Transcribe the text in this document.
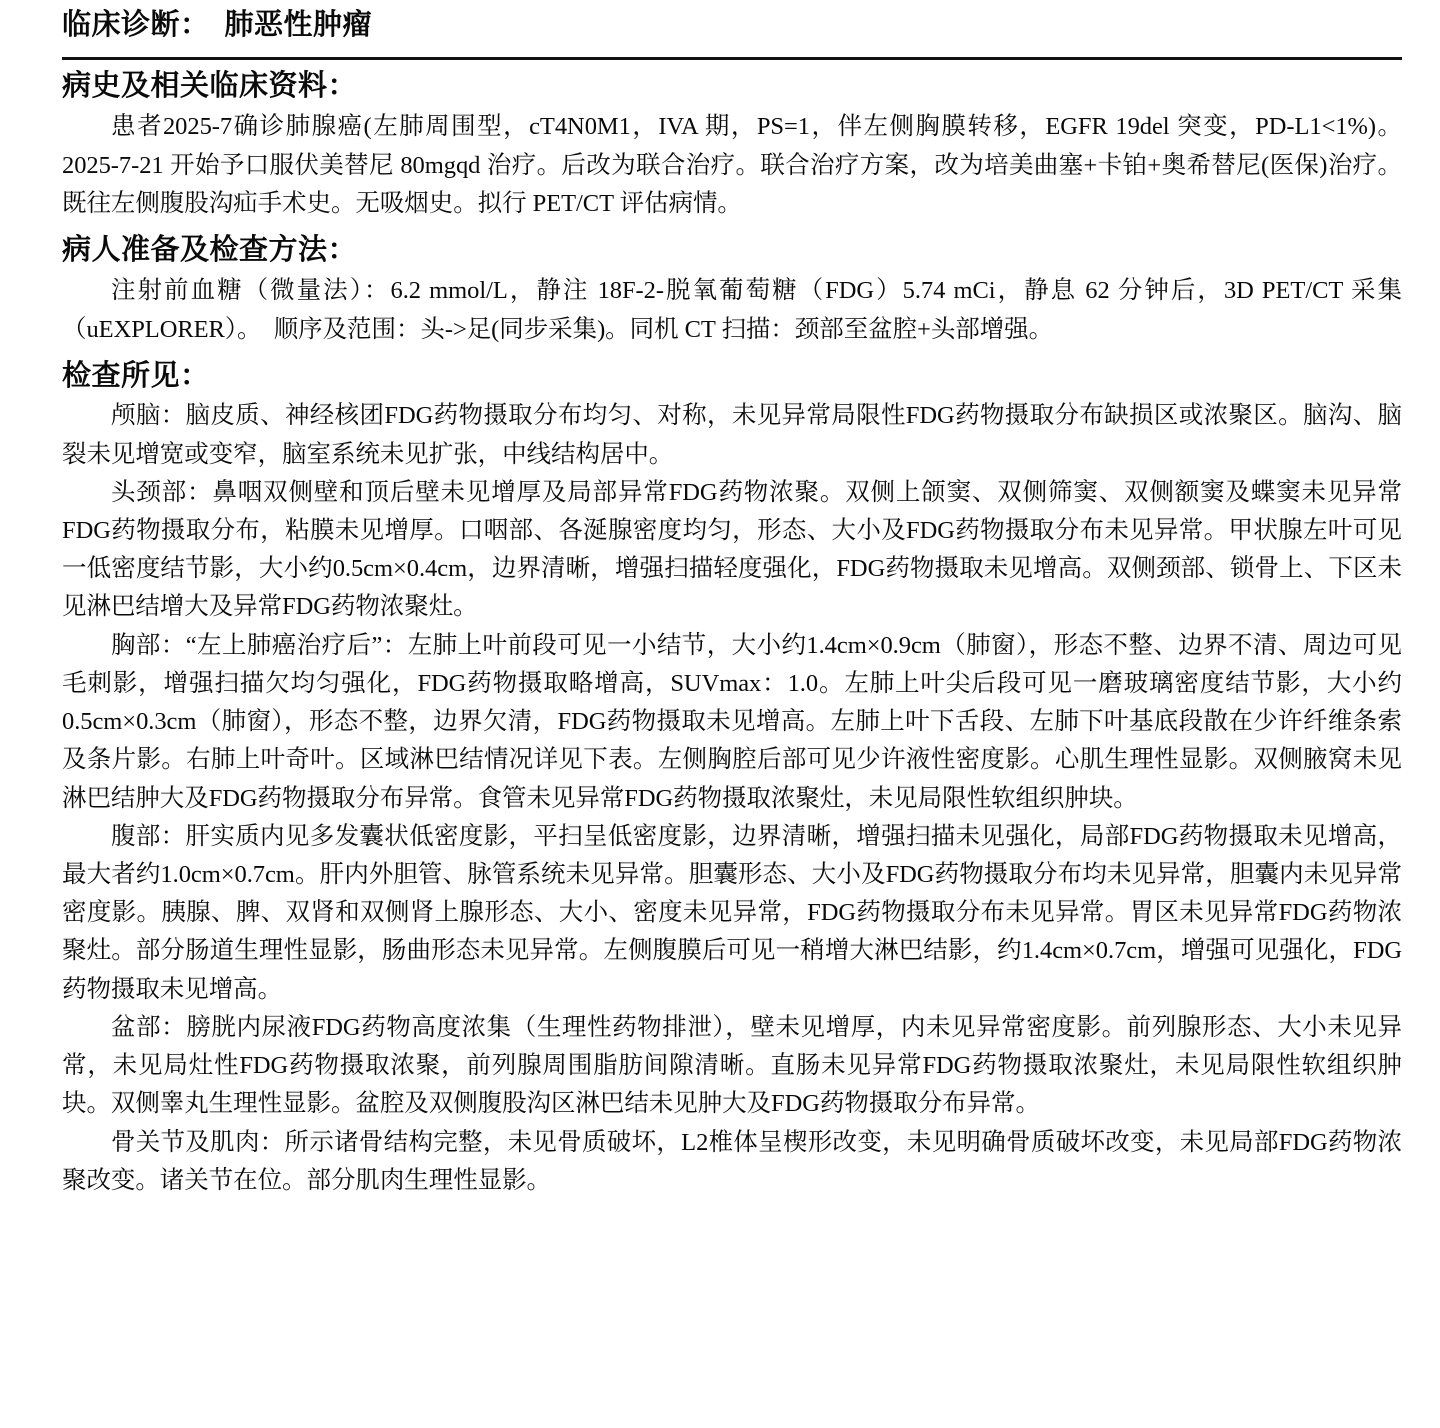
临床诊断：　肺恶性肿瘤
病史及相关临床资料：

患者2025-7确诊肺腺癌(左肺周围型，cT4N0M1，IVA 期，PS=1，伴左侧胸膜转移，EGFR 19del 突变，PD-L1<1%)。2025-7-21 开始予口服伏美替尼 80mgqd 治疗。后改为联合治疗。联合治疗方案，改为培美曲塞+卡铂+奥希替尼(医保)治疗。既往左侧腹股沟疝手术史。无吸烟史。拟行 PET/CT 评估病情。

病人准备及检查方法：

注射前血糖（微量法）：6.2 mmol/L，静注 18F-2-脱氧葡萄糖（FDG）5.74 mCi，静息 62 分钟后，3D PET/CT 采集（uEXPLORER）。　顺序及范围：头->足(同步采集)。同机 CT 扫描：颈部至盆腔+头部增强。

检查所见：

颅脑：脑皮质、神经核团FDG药物摄取分布均匀、对称，未见异常局限性FDG药物摄取分布缺损区或浓聚区。脑沟、脑裂未见增宽或变窄，脑室系统未见扩张，中线结构居中。

头颈部：鼻咽双侧壁和顶后壁未见增厚及局部异常FDG药物浓聚。双侧上颌窦、双侧筛窦、双侧额窦及蝶窦未见异常FDG药物摄取分布，粘膜未见增厚。口咽部、各涎腺密度均匀，形态、大小及FDG药物摄取分布未见异常。甲状腺左叶可见一低密度结节影，大小约0.5cm×0.4cm，边界清晰，增强扫描轻度强化，FDG药物摄取未见增高。双侧颈部、锁骨上、下区未见淋巴结增大及异常FDG药物浓聚灶。

胸部：“左上肺癌治疗后”：左肺上叶前段可见一小结节，大小约1.4cm×0.9cm（肺窗），形态不整、边界不清、周边可见毛刺影，增强扫描欠均匀强化，FDG药物摄取略增高，SUVmax：1.0。左肺上叶尖后段可见一磨玻璃密度结节影，大小约0.5cm×0.3cm（肺窗），形态不整，边界欠清，FDG药物摄取未见增高。左肺上叶下舌段、左肺下叶基底段散在少许纤维条索及条片影。右肺上叶奇叶。区域淋巴结情况详见下表。左侧胸腔后部可见少许液性密度影。心肌生理性显影。双侧腋窝未见淋巴结肿大及FDG药物摄取分布异常。食管未见异常FDG药物摄取浓聚灶，未见局限性软组织肿块。

腹部：肝实质内见多发囊状低密度影，平扫呈低密度影，边界清晰，增强扫描未见强化，局部FDG药物摄取未见增高，最大者约1.0cm×0.7cm。肝内外胆管、脉管系统未见异常。胆囊形态、大小及FDG药物摄取分布均未见异常，胆囊内未见异常密度影。胰腺、脾、双肾和双侧肾上腺形态、大小、密度未见异常，FDG药物摄取分布未见异常。胃区未见异常FDG药物浓聚灶。部分肠道生理性显影，肠曲形态未见异常。左侧腹膜后可见一稍增大淋巴结影，约1.4cm×0.7cm，增强可见强化，FDG药物摄取未见增高。

盆部：膀胱内尿液FDG药物高度浓集（生理性药物排泄），壁未见增厚，内未见异常密度影。前列腺形态、大小未见异常，未见局灶性FDG药物摄取浓聚，前列腺周围脂肪间隙清晰。直肠未见异常FDG药物摄取浓聚灶，未见局限性软组织肿块。双侧睾丸生理性显影。盆腔及双侧腹股沟区淋巴结未见肿大及FDG药物摄取分布异常。

骨关节及肌肉：所示诸骨结构完整，未见骨质破坏，L2椎体呈楔形改变，未见明确骨质破坏改变，未见局部FDG药物浓聚改变。诸关节在位。部分肌肉生理性显影。
